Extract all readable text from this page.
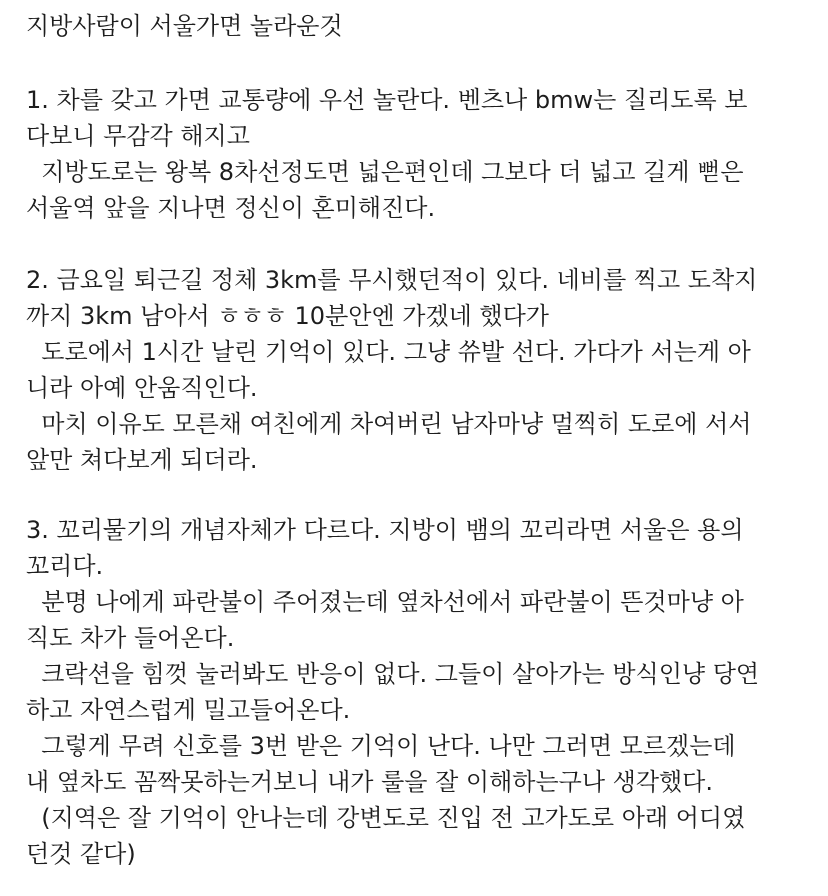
지방사람이 서울가면 놀라운것
1. 차를 갖고 가면 교통량에 우선 놀란다. 벤츠나 bmw는 질리도록 보
다보니 무감각 해지고
지방도로는 왕복 8차선정도면 넓은편인데 그보다 더 넓고 길게 뻗은
서울역 앞을 지나면 정신이 혼미해진다.
2. 금요일 퇴근길 정체 3km를 무시했던적이 있다. 네비를 찍고 도착지
까지 3km 남아서 ㅎㅎㅎ 10분안엔 가겠네 했다가
도로에서 1시간 날린 기억이 있다. 그냥 쓔발 선다. 가다가 서는게 아
니라 아예 안움직인다.
마치 이유도 모른채 여친에게 차여버린 남자마냥 멀찍히 도로에 서서
앞만 쳐다보게 되더라.
3. 꼬리물기의 개념자체가 다르다. 지방이 뱀의 꼬리라면 서울은 용의
꼬리다.
분명 나에게 파란불이 주어졌는데 옆차선에서 파란불이 뜬것마냥 아
직도 차가 들어온다.
크락션을 힘껏 눌러봐도 반응이 없다. 그들이 살아가는 방식인냥 당연
하고 자연스럽게 밀고들어온다.
그렇게 무려 신호를 3번 받은 기억이 난다. 나만 그러면 모르겠는데
내 옆차도 꼼짝못하는거보니 내가 룰을 잘 이해하는구나 생각했다.
(지역은 잘 기억이 안나는데 강변도로 진입 전 고가도로 아래 어디였
던것 같다)
